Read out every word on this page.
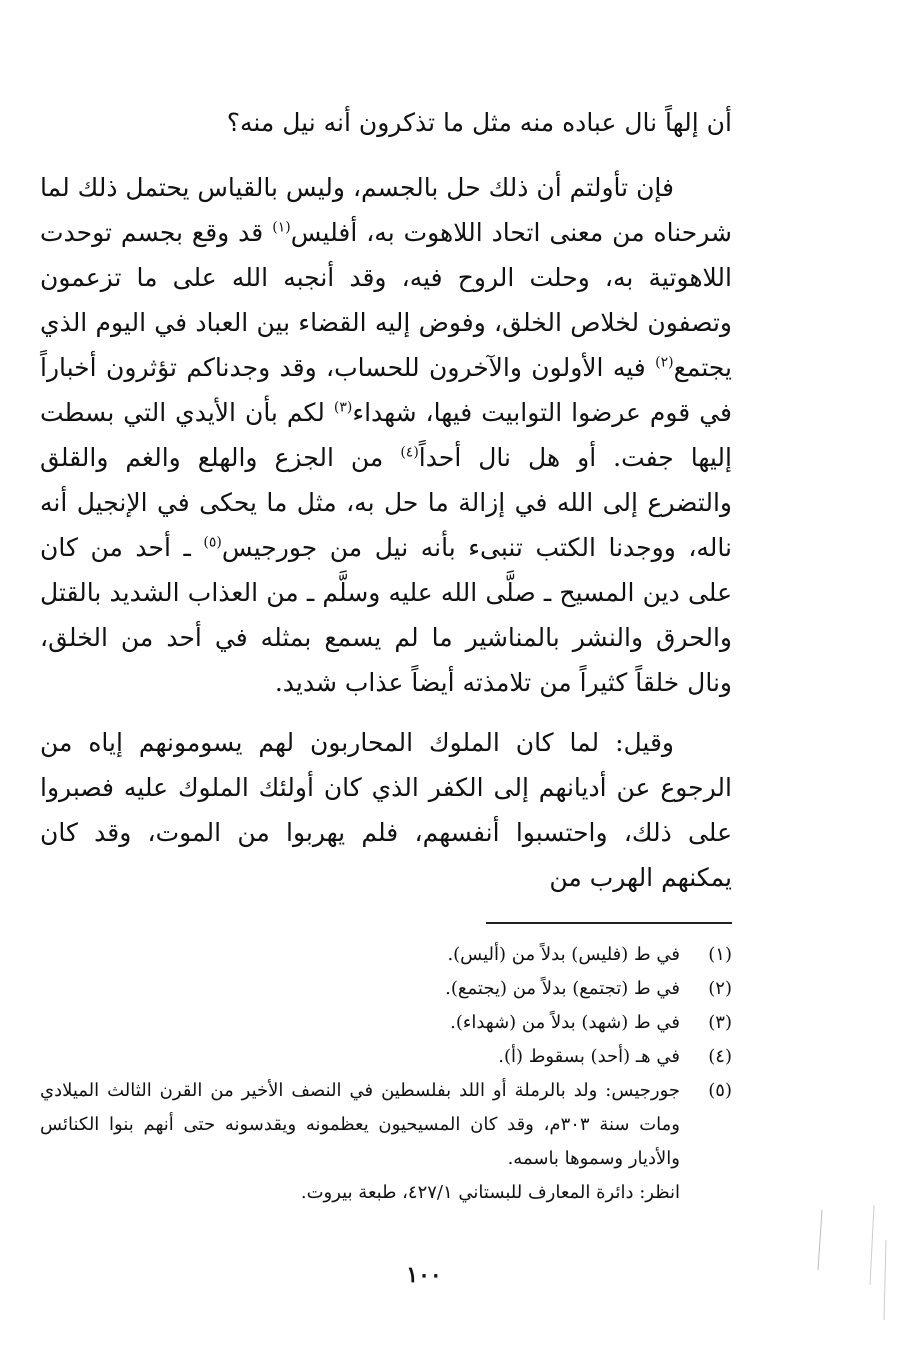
أن إلهاً نال عباده منه مثل ما تذكرون أنه نيل منه؟

فإن تأولتم أن ذلك حل بالجسم، وليس بالقياس يحتمل ذلك لما شرحناه من معنى اتحاد اللاهوت به، أفليس$^{(١)}$ قد وقع بجسم توحدت اللاهوتية به، وحلت الروح فيه، وقد أنجبه الله على ما تزعمون وتصفون لخلاص الخلق، وفوض إليه القضاء بين العباد في اليوم الذي يجتمع$^{(٢)}$ فيه الأولون والآخرون للحساب، وقد وجدناكم تؤثرون أخباراً في قوم عرضوا التوابيت فيها، شهداء$^{(٣)}$ لكم بأن الأيدي التي بسطت إليها جفت. أو هل نال أحداً$^{(٤)}$ من الجزع والهلع والغم والقلق والتضرع إلى الله في إزالة ما حل به، مثل ما يحكى في الإنجيل أنه ناله، ووجدنا الكتب تنبىء بأنه نيل من جورجيس$^{(٥)}$ ـ أحد من كان على دين المسيح ـ صلَّى الله عليه وسلَّم ـ من العذاب الشديد بالقتل والحرق والنشر بالمناشير ما لم يسمع بمثله في أحد من الخلق، ونال خلقاً كثيراً من تلامذته أيضاً عذاب شديد.

وقيل: لما كان الملوك المحاربون لهم يسومونهم إياه من الرجوع عن أديانهم إلى الكفر الذي كان أولئك الملوك عليه فصبروا على ذلك، واحتسبوا أنفسهم، فلم يهربوا من الموت، وقد كان يمكنهم الهرب من

(١)
في ط (فليس) بدلاً من (أليس).
(٢)
في ط (تجتمع) بدلاً من (يجتمع).
(٣)
في ط (شهد) بدلاً من (شهداء).
(٤)
في هـ (أحد) بسقوط (أ).
(٥)
جورجيس: ولد بالرملة أو اللد بفلسطين في النصف الأخير من القرن الثالث الميلادي ومات سنة ٣٠٣م، وقد كان المسيحيون يعظمونه ويقدسونه حتى أنهم بنوا الكنائس والأديار وسموها باسمه.
انظر: دائرة المعارف للبستاني ٤٢٧/١، طبعة بيروت.
١٠٠
